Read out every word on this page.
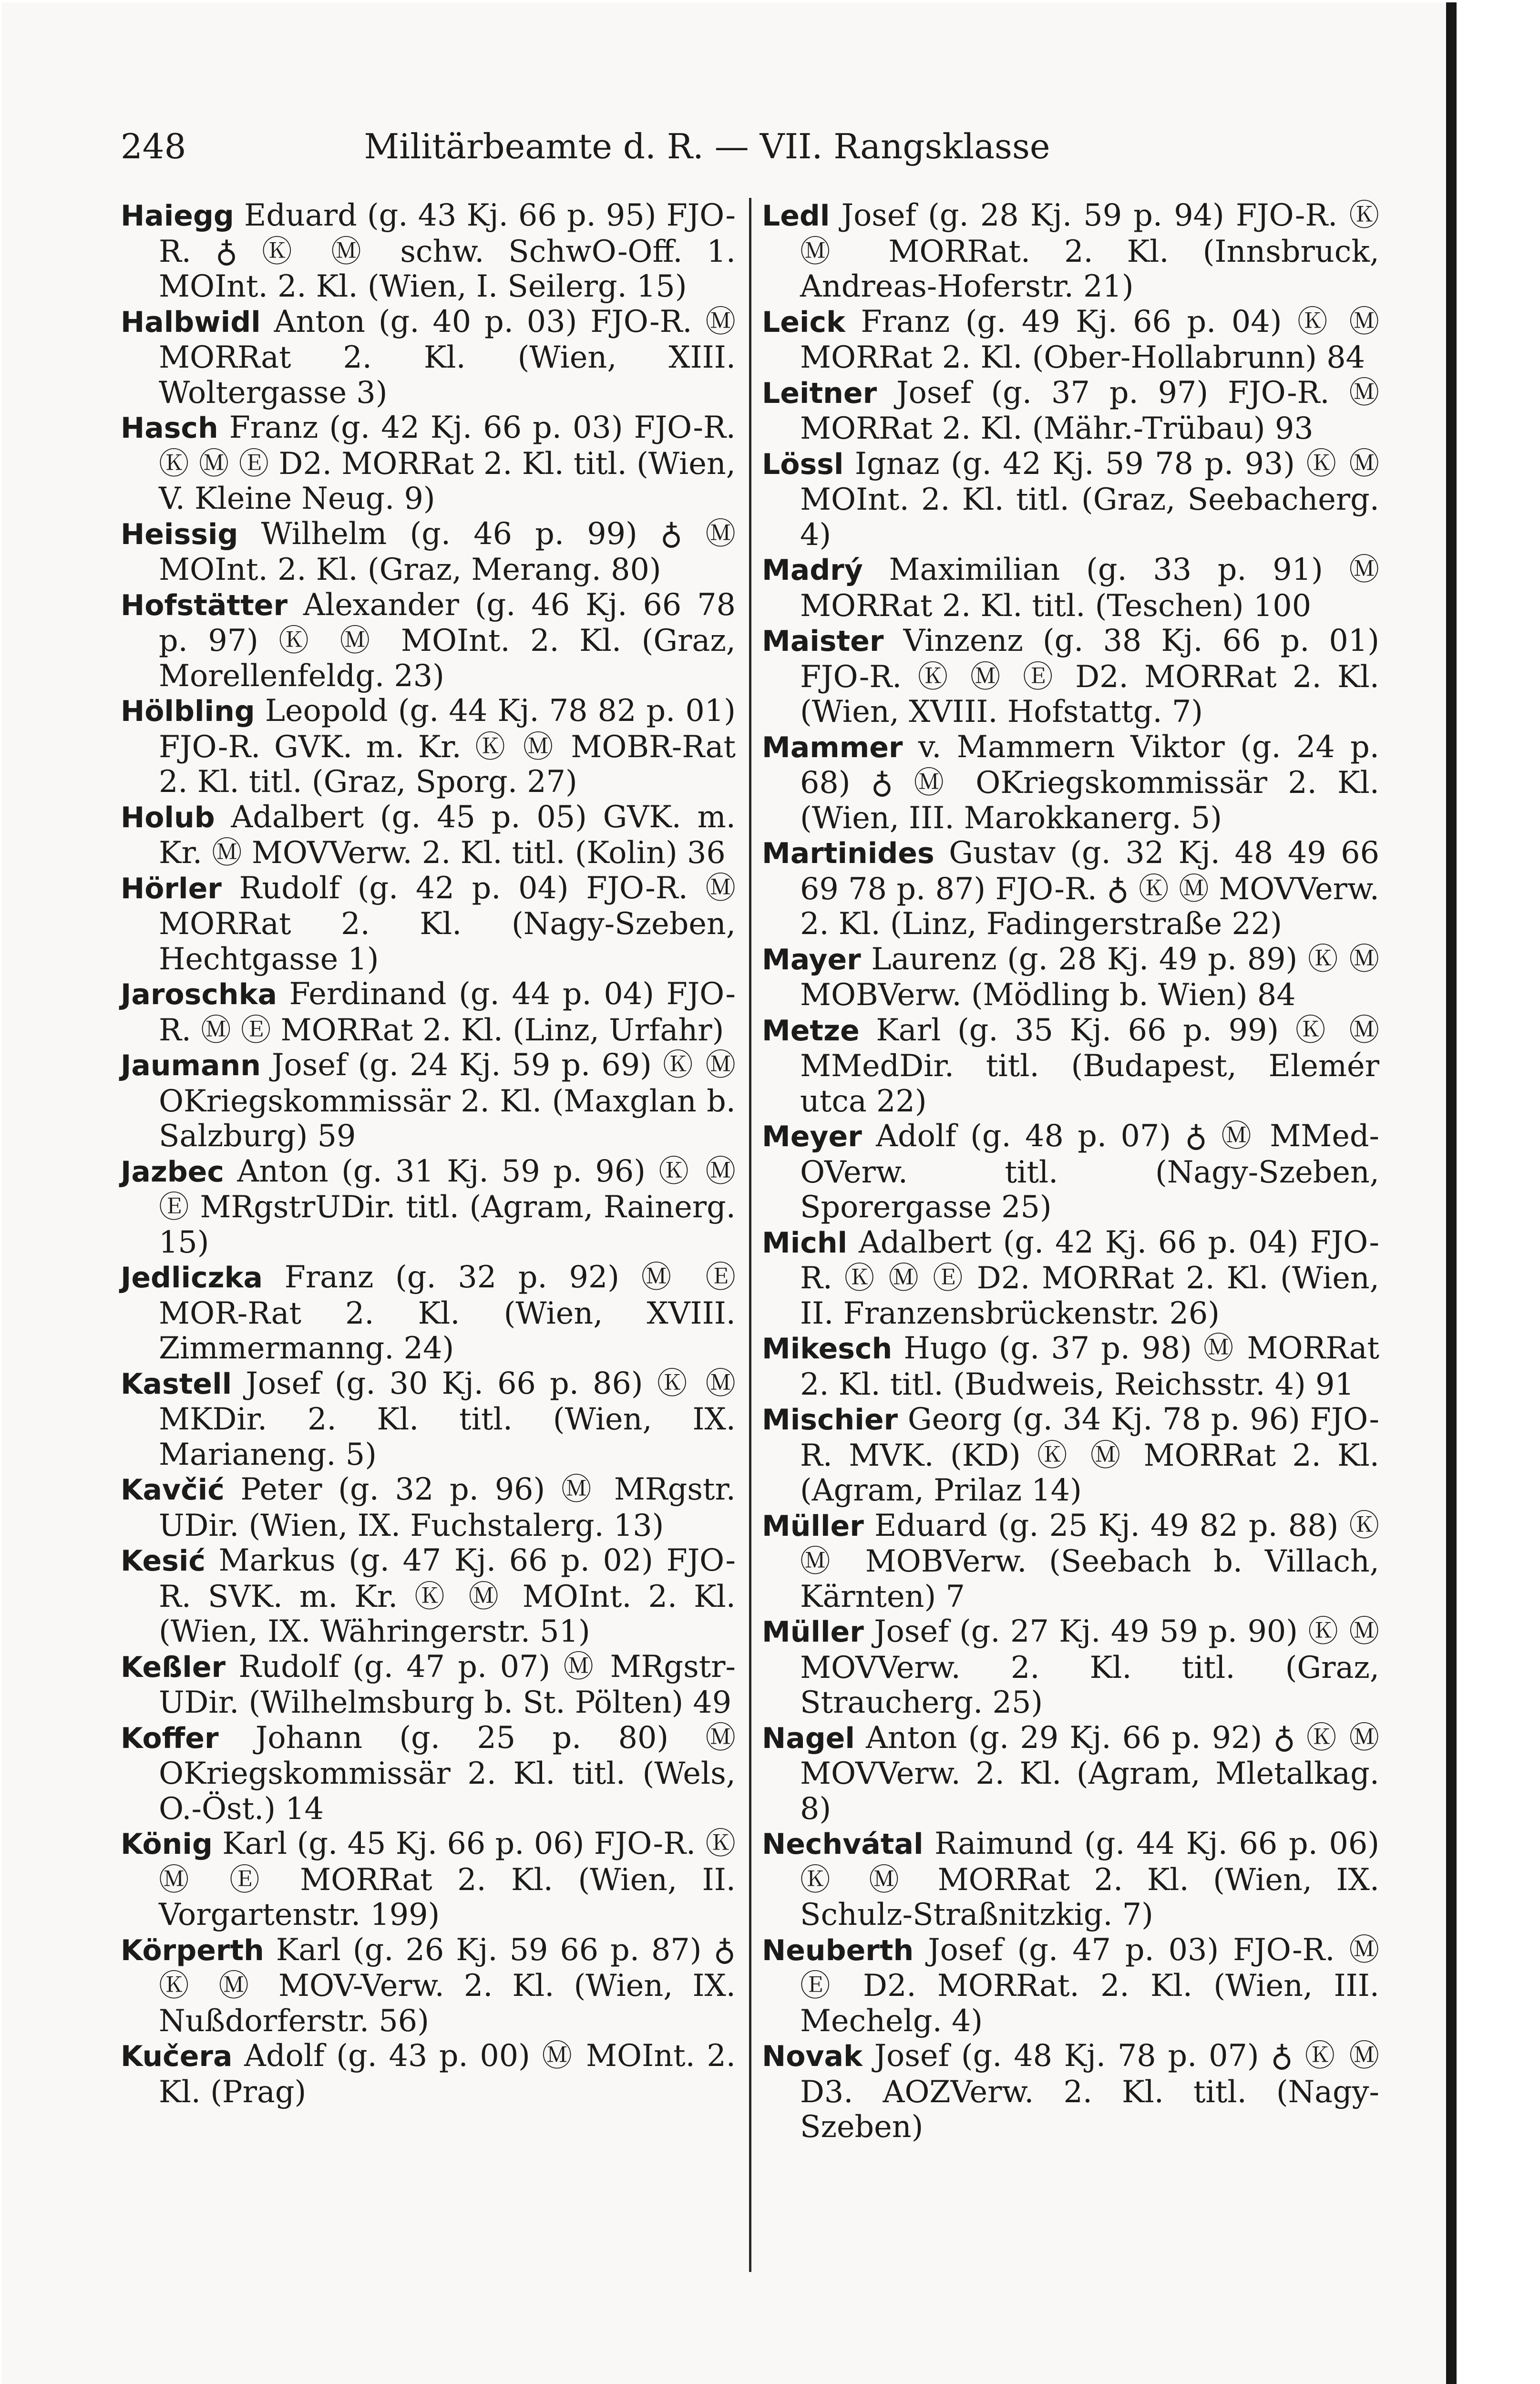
248	Militärbeamte d. R. — VII. Rangsklasse

Haiegg Eduard (g. 43 Kj. 66 p. 95) FJO-R. ♁ Ⓚ Ⓜ schw. SchwO-Off. 1. MOInt. 2. Kl. (Wien, I. Seilerg. 15)

Halbwidl Anton (g. 40 p. 03) FJO-R. Ⓜ MORRat 2. Kl. (Wien, XIII. Woltergasse 3)

Hasch Franz (g. 42 Kj. 66 p. 03) FJO-R. Ⓚ Ⓜ Ⓔ D2. MORRat 2. Kl. titl. (Wien, V. Kleine Neug. 9)

Heissig Wilhelm (g. 46 p. 99) ♁ Ⓜ MOInt. 2. Kl. (Graz, Merang. 80)

Hofstätter Alexander (g. 46 Kj. 66 78 p. 97) Ⓚ Ⓜ MOInt. 2. Kl. (Graz, Morellenfeldg. 23)

Hölbling Leopold (g. 44 Kj. 78 82 p. 01) FJO-R. GVK. m. Kr. Ⓚ Ⓜ MOBR-Rat 2. Kl. titl. (Graz, Sporg. 27)

Holub Adalbert (g. 45 p. 05) GVK. m. Kr. Ⓜ MOVVerw. 2. Kl. titl. (Kolin) 36

Hörler Rudolf (g. 42 p. 04) FJO-R. Ⓜ MORRat 2. Kl. (Nagy-Szeben, Hechtgasse 1)

Jaroschka Ferdinand (g. 44 p. 04) FJO-R. Ⓜ Ⓔ MORRat 2. Kl. (Linz, Urfahr)

Jaumann Josef (g. 24 Kj. 59 p. 69) Ⓚ Ⓜ OKriegskommissär 2. Kl. (Maxglan b. Salzburg) 59

Jazbec Anton (g. 31 Kj. 59 p. 96) Ⓚ Ⓜ Ⓔ MRgstrUDir. titl. (Agram, Rainerg. 15)

Jedliczka Franz (g. 32 p. 92) Ⓜ Ⓔ MOR-Rat 2. Kl. (Wien, XVIII. Zimmermanng. 24)

Kastell Josef (g. 30 Kj. 66 p. 86) Ⓚ Ⓜ MKDir. 2. Kl. titl. (Wien, IX. Marianeng. 5)

Kavčić Peter (g. 32 p. 96) Ⓜ MRgstr. UDir. (Wien, IX. Fuchstalerg. 13)

Kesić Markus (g. 47 Kj. 66 p. 02) FJO-R. SVK. m. Kr. Ⓚ Ⓜ MOInt. 2. Kl. (Wien, IX. Währingerstr. 51)

Keßler Rudolf (g. 47 p. 07) Ⓜ MRgstr-UDir. (Wilhelmsburg b. St. Pölten) 49

Koffer Johann (g. 25 p. 80) Ⓜ OKriegskommissär 2. Kl. titl. (Wels, O.-Öst.) 14

König Karl (g. 45 Kj. 66 p. 06) FJO-R. Ⓚ Ⓜ Ⓔ MORRat 2. Kl. (Wien, II. Vorgartenstr. 199)

Körperth Karl (g. 26 Kj. 59 66 p. 87) ♁ Ⓚ Ⓜ MOV-Verw. 2. Kl. (Wien, IX. Nußdorferstr. 56)

Kučera Adolf (g. 43 p. 00) Ⓜ MOInt. 2. Kl. (Prag)

Ledl Josef (g. 28 Kj. 59 p. 94) FJO-R. Ⓚ Ⓜ MORRat. 2. Kl. (Innsbruck, Andreas-Hoferstr. 21)

Leick Franz (g. 49 Kj. 66 p. 04) Ⓚ Ⓜ MORRat 2. Kl. (Ober-Hollabrunn) 84

Leitner Josef (g. 37 p. 97) FJO-R. Ⓜ MORRat 2. Kl. (Mähr.-Trübau) 93

Lössl Ignaz (g. 42 Kj. 59 78 p. 93) Ⓚ Ⓜ MOInt. 2. Kl. titl. (Graz, Seebacherg. 4)

Madrý Maximilian (g. 33 p. 91) Ⓜ MORRat 2. Kl. titl. (Teschen) 100

Maister Vinzenz (g. 38 Kj. 66 p. 01) FJO-R. Ⓚ Ⓜ Ⓔ D2. MORRat 2. Kl. (Wien, XVIII. Hofstattg. 7)

Mammer v. Mammern Viktor (g. 24 p. 68) ♁ Ⓜ OKriegskommissär 2. Kl. (Wien, III. Marokkanerg. 5)

Martinides Gustav (g. 32 Kj. 48 49 66 69 78 p. 87) FJO-R. ♁ Ⓚ Ⓜ MOVVerw. 2. Kl. (Linz, Fadingerstraße 22)

Mayer Laurenz (g. 28 Kj. 49 p. 89) Ⓚ Ⓜ MOBVerw. (Mödling b. Wien) 84

Metze Karl (g. 35 Kj. 66 p. 99) Ⓚ Ⓜ MMedDir. titl. (Budapest, Elemér utca 22)

Meyer Adolf (g. 48 p. 07) ♁ Ⓜ MMed-OVerw. titl. (Nagy-Szeben, Sporergasse 25)

Michl Adalbert (g. 42 Kj. 66 p. 04) FJO-R. Ⓚ Ⓜ Ⓔ D2. MORRat 2. Kl. (Wien, II. Franzensbrückenstr. 26)

Mikesch Hugo (g. 37 p. 98) Ⓜ MORRat 2. Kl. titl. (Budweis, Reichsstr. 4) 91

Mischier Georg (g. 34 Kj. 78 p. 96) FJO-R. MVK. (KD) Ⓚ Ⓜ MORRat 2. Kl. (Agram, Prilaz 14)

Müller Eduard (g. 25 Kj. 49 82 p. 88) Ⓚ Ⓜ MOBVerw. (Seebach b. Villach, Kärnten) 7

Müller Josef (g. 27 Kj. 49 59 p. 90) Ⓚ Ⓜ MOVVerw. 2. Kl. titl. (Graz, Straucherg. 25)

Nagel Anton (g. 29 Kj. 66 p. 92) ♁ Ⓚ Ⓜ MOVVerw. 2. Kl. (Agram, Mletalkag. 8)

Nechvátal Raimund (g. 44 Kj. 66 p. 06) Ⓚ Ⓜ MORRat 2. Kl. (Wien, IX. Schulz-Straßnitzkig. 7)

Neuberth Josef (g. 47 p. 03) FJO-R. Ⓜ Ⓔ D2. MORRat. 2. Kl. (Wien, III. Mechelg. 4)

Novak Josef (g. 48 Kj. 78 p. 07) ♁ Ⓚ Ⓜ D3. AOZVerw. 2. Kl. titl. (Nagy-Szeben)
